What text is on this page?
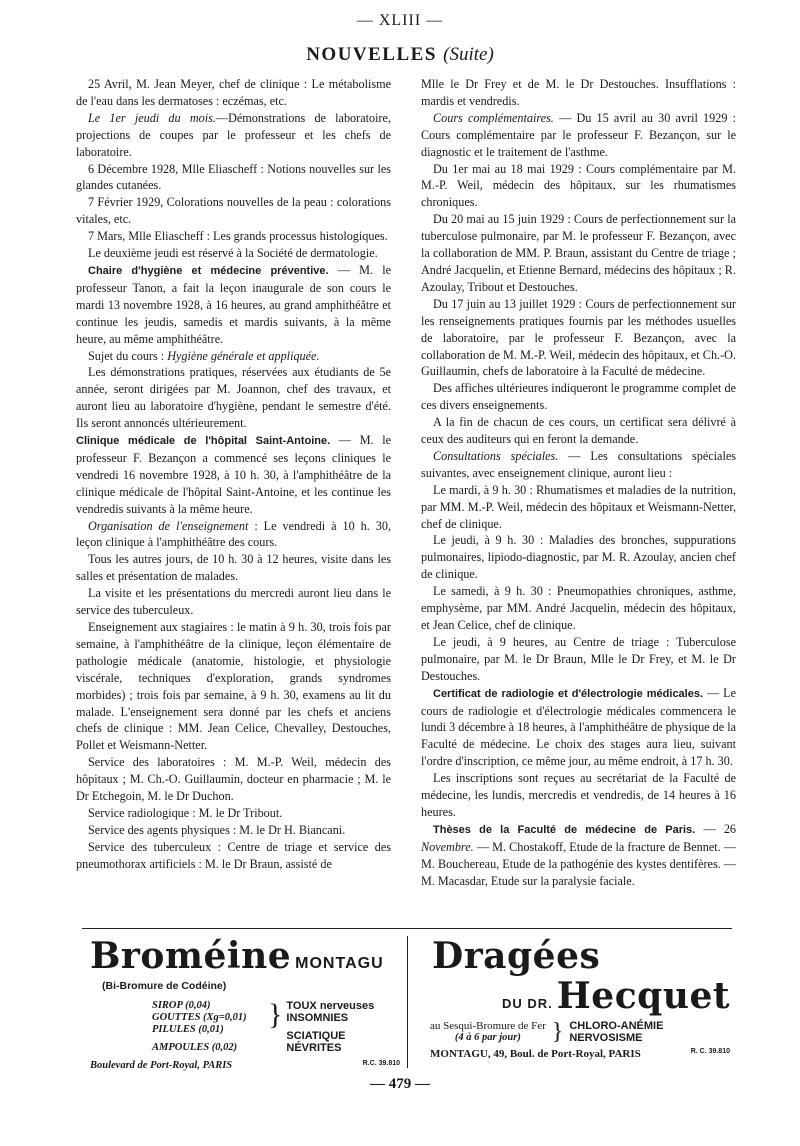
— XLIII —
NOUVELLES (Suite)

25 Avril, M. Jean Meyer, chef de clinique : Le métabolisme de l'eau dans les dermatoses : eczémas, etc.

Le 1er jeudi du mois.—Démonstrations de laboratoire, projections de coupes par le professeur et les chefs de laboratoire.

6 Décembre 1928, Mlle Eliascheff : Notions nouvelles sur les glandes cutanées.

7 Février 1929, Colorations nouvelles de la peau : colorations vitales, etc.

7 Mars, Mlle Eliascheff : Les grands processus histologiques.

Le deuxième jeudi est réservé à la Société de dermatologie.

Chaire d'hygiène et médecine préventive. — M. le professeur Tanon, a fait la leçon inaugurale de son cours le mardi 13 novembre 1928, à 16 heures, au grand amphithéâtre et continue les jeudis, samedis et mardis suivants, à la même heure, au même amphithéâtre.

Sujet du cours : Hygiène générale et appliquée.

Les démonstrations pratiques, réservées aux étudiants de 5e année, seront dirigées par M. Joannon, chef des travaux, et auront lieu au laboratoire d'hygiène, pendant le semestre d'été. Ils seront annoncés ultérieurement.

Clinique médicale de l'hôpital Saint-Antoine. — M. le professeur F. Bezançon a commencé ses leçons cliniques le vendredi 16 novembre 1928, à 10 h. 30, à l'amphithéâtre de la clinique médicale de l'hôpital Saint-Antoine, et les continue les vendredis suivants à la même heure.

Organisation de l'enseignement : Le vendredi à 10 h. 30, leçon clinique à l'amphithéâtre des cours.

Tous les autres jours, de 10 h. 30 à 12 heures, visite dans les salles et présentation de malades.

La visite et les présentations du mercredi auront lieu dans le service des tuberculeux.

Enseignement aux stagiaires : le matin à 9 h. 30, trois fois par semaine, à l'amphithéâtre de la clinique, leçon élémentaire de pathologie médicale (anatomie, histologie, et physiologie viscérale, techniques d'exploration, grands syndromes morbides) ; trois fois par semaine, à 9 h. 30, examens au lit du malade. L'enseignement sera donné par les chefs et anciens chefs de clinique : MM. Jean Celice, Chevalley, Destouches, Pollet et Weismann-Netter.

Service des laboratoires : M. M.-P. Weil, médecin des hôpitaux ; M. Ch.-O. Guillaumin, docteur en pharmacie ; M. le Dr Etchegoin, M. le Dr Duchon.

Service radiologique : M. le Dr Tribout.

Service des agents physiques : M. le Dr H. Biancani.

Service des tuberculeux : Centre de triage et service des pneumothorax artificiels : M. le Dr Braun, assisté de

Mlle le Dr Frey et de M. le Dr Destouches. Insufflations : mardis et vendredis.

Cours complémentaires. — Du 15 avril au 30 avril 1929 : Cours complémentaire par le professeur F. Bezançon, sur le diagnostic et le traitement de l'asthme.

Du 1er mai au 18 mai 1929 : Cours complémentaire par M. M.-P. Weil, médecin des hôpitaux, sur les rhumatismes chroniques.

Du 20 mai au 15 juin 1929 : Cours de perfectionnement sur la tuberculose pulmonaire, par M. le professeur F. Bezançon, avec la collaboration de MM. P. Braun, assistant du Centre de triage ; André Jacquelin, et Etienne Bernard, médecins des hôpitaux ; R. Azoulay, Tribout et Destouches.

Du 17 juin au 13 juillet 1929 : Cours de perfectionnement sur les renseignements pratiques fournis par les méthodes usuelles de laboratoire, par le professeur F. Bezançon, avec la collaboration de M. M.-P. Weil, médecin des hôpitaux, et Ch.-O. Guillaumin, chefs de laboratoire à la Faculté de médecine.

Des affiches ultérieures indiqueront le programme complet de ces divers enseignements.

A la fin de chacun de ces cours, un certificat sera délivré à ceux des auditeurs qui en feront la demande.

Consultations spéciales. — Les consultations spéciales suivantes, avec enseignement clinique, auront lieu :

Le mardi, à 9 h. 30 : Rhumatismes et maladies de la nutrition, par MM. M.-P. Weil, médecin des hôpitaux et Weismann-Netter, chef de clinique.

Le jeudi, à 9 h. 30 : Maladies des bronches, suppurations pulmonaires, lipiodo-diagnostic, par M. R. Azoulay, ancien chef de clinique.

Le samedi, à 9 h. 30 : Pneumopathies chroniques, asthme, emphysème, par MM. André Jacquelin, médecin des hôpitaux, et Jean Celice, chef de clinique.

Le jeudi, à 9 heures, au Centre de triage : Tuberculose pulmonaire, par M. le Dr Braun, Mlle le Dr Frey, et M. le Dr Destouches.

Certificat de radiologie et d'électrologie médicales. — Le cours de radiologie et d'électrologie médicales commencera le lundi 3 décembre à 18 heures, à l'amphithéâtre de physique de la Faculté de médecine. Le choix des stages aura lieu, suivant l'ordre d'inscription, ce même jour, au même endroit, à 17 h. 30.

Les inscriptions sont reçues au secrétariat de la Faculté de médecine, les lundis, mercredis et vendredis, de 14 heures à 16 heures.

Thèses de la Faculté de médecine de Paris. — 26 Novembre. — M. Chostakoff, Etude de la fracture de Bennet. — M. Bouchereau, Etude de la pathogénie des kystes dentifères. — M. Macasdar, Etude sur la paralysie faciale.

Broméine MONTAGU
(Bi-Bromure de Codéine)
SIROP (0,04)
GOUTTES (Xg=0,01)
PILULES (0,01)
AMPOULES (0,02)
} TOUX nerveuses
INSOMNIES
SCIATIQUE
NÉVRITES
Boulevard de Port-Royal, PARIS	R.C. 39.810
Dragées
DU DR. Hecquet
au Sesqui-Bromure de Fer
(4 à 6 par jour)	} CHLORO-ANÉMIE
NERVOSISME
MONTAGU, 49, Boul. de Port-Royal, PARIS	R. C. 39.810
— 479 —
